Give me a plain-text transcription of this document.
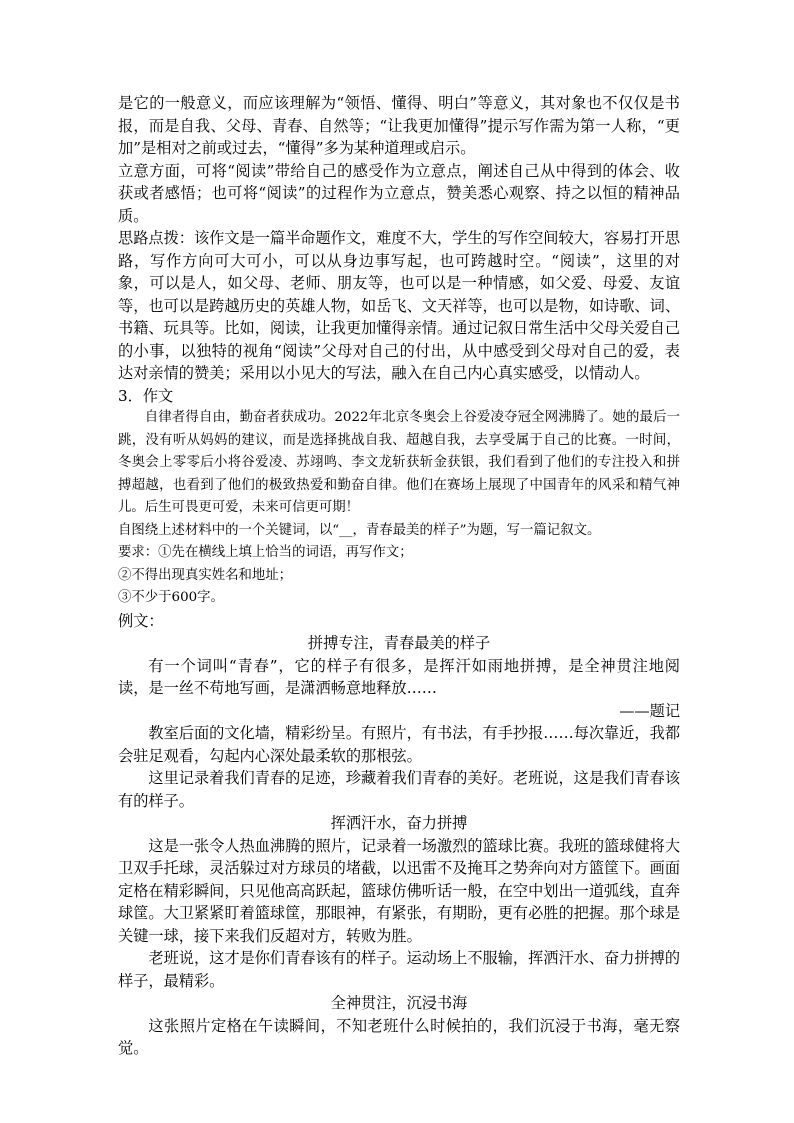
是它的一般意义，而应该理解为“领悟、懂得、明白”等意义，其对象也不仅仅是书报，而是自我、父母、青春、自然等；“让我更加懂得”提示写作需为第一人称，“更加”是相对之前或过去，“懂得”多为某种道理或启示。

立意方面，可将“阅读”带给自己的感受作为立意点，阐述自己从中得到的体会、收获或者感悟；也可将“阅读”的过程作为立意点，赞美悉心观察、持之以恒的精神品质。

思路点拨：该作文是一篇半命题作文，难度不大，学生的写作空间较大，容易打开思路，写作方向可大可小，可以从身边事写起，也可跨越时空。“阅读”，这里的对象，可以是人，如父母、老师、朋友等，也可以是一种情感，如父爱、母爱、友谊等，也可以是跨越历史的英雄人物，如岳飞、文天祥等，也可以是物，如诗歌、词、书籍、玩具等。比如，阅读，让我更加懂得亲情。通过记叙日常生活中父母关爱自己的小事，以独特的视角“阅读”父母对自己的付出，从中感受到父母对自己的爱，表达对亲情的赞美；采用以小见大的写法，融入在自己内心真实感受，以情动人。

3．作文

自律者得自由，勤奋者获成功。2022年北京冬奥会上谷爱凌夺冠全网沸腾了。她的最后一跳，没有听从妈妈的建议，而是选择挑战自我、超越自我，去享受属于自己的比赛。一时间，冬奥会上零零后小将谷爱凌、苏翊鸣、李文龙斩获斩金获银，我们看到了他们的专注投入和拼搏超越，也看到了他们的极致热爱和勤奋自律。他们在赛场上展现了中国青年的风采和精气神儿。后生可畏更可爱，未来可信更可期！

自图绕上述材料中的一个关键词，以“__，青春最美的样子”为题，写一篇记叙文。

要求：①先在横线上填上恰当的词语，再写作文；

②不得出现真实姓名和地址；

③不少于600字。

例文：

拼搏专注，青春最美的样子

有一个词叫“青春”，它的样子有很多，是挥汗如雨地拼搏，是全神贯注地阅读，是一丝不苟地写画，是潇洒畅意地释放……

——题记

教室后面的文化墙，精彩纷呈。有照片，有书法，有手抄报……每次靠近，我都会驻足观看，勾起内心深处最柔软的那根弦。

这里记录着我们青春的足迹，珍藏着我们青春的美好。老班说，这是我们青春该有的样子。

挥洒汗水，奋力拼搏

这是一张令人热血沸腾的照片，记录着一场激烈的篮球比赛。我班的篮球健将大卫双手托球，灵活躲过对方球员的堵截，以迅雷不及掩耳之势奔向对方篮筐下。画面定格在精彩瞬间，只见他高高跃起，篮球仿佛听话一般，在空中划出一道弧线，直奔球筐。大卫紧紧盯着篮球筐，那眼神，有紧张，有期盼，更有必胜的把握。那个球是关键一球，接下来我们反超对方，转败为胜。

老班说，这才是你们青春该有的样子。运动场上不服输，挥洒汗水、奋力拼搏的样子，最精彩。

全神贯注，沉浸书海

这张照片定格在午读瞬间，不知老班什么时候拍的，我们沉浸于书海，毫无察觉。
